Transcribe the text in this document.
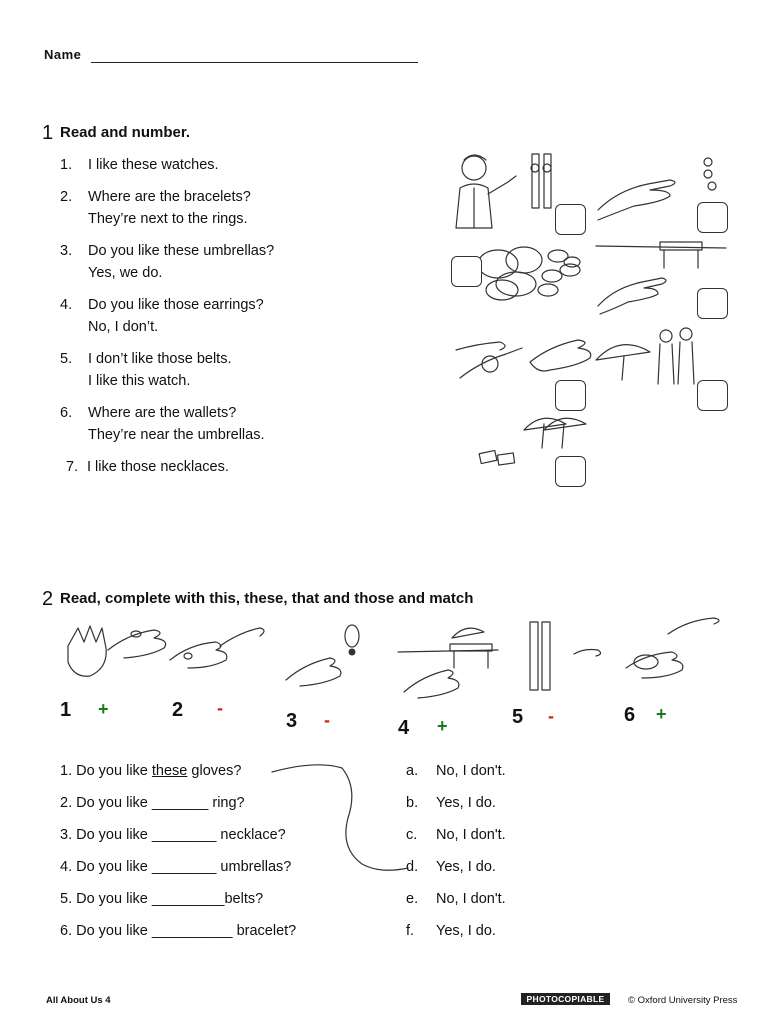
Name
1 Read and number.
1. I like these watches.
2. Where are the bracelets?
They’re next to the rings.
3. Do you like these umbrellas?
Yes, we do.
4. Do you like those earrings?
No, I don’t.
5. I don’t like those belts.
I like this watch.
6. Where are the wallets?
They’re near the umbrellas.
7. I like those necklaces.
2 Read, complete with this, these, that and those and match
1 +	2 -
3 -	4 +	5 -	6 +
1. Do you like these gloves?
2. Do you like _______ ring?
3. Do you like ________ necklace?
4. Do you like ________ umbrellas?
5. Do you like _________belts?
6. Do you like __________ bracelet?
a. No, I don't.
b. Yes, I do.
c. No, I don't.
d. Yes, I do.
e. No, I don't.
f. Yes, I do.
All About Us 4	PHOTOCOPIABLE	© Oxford University Press
